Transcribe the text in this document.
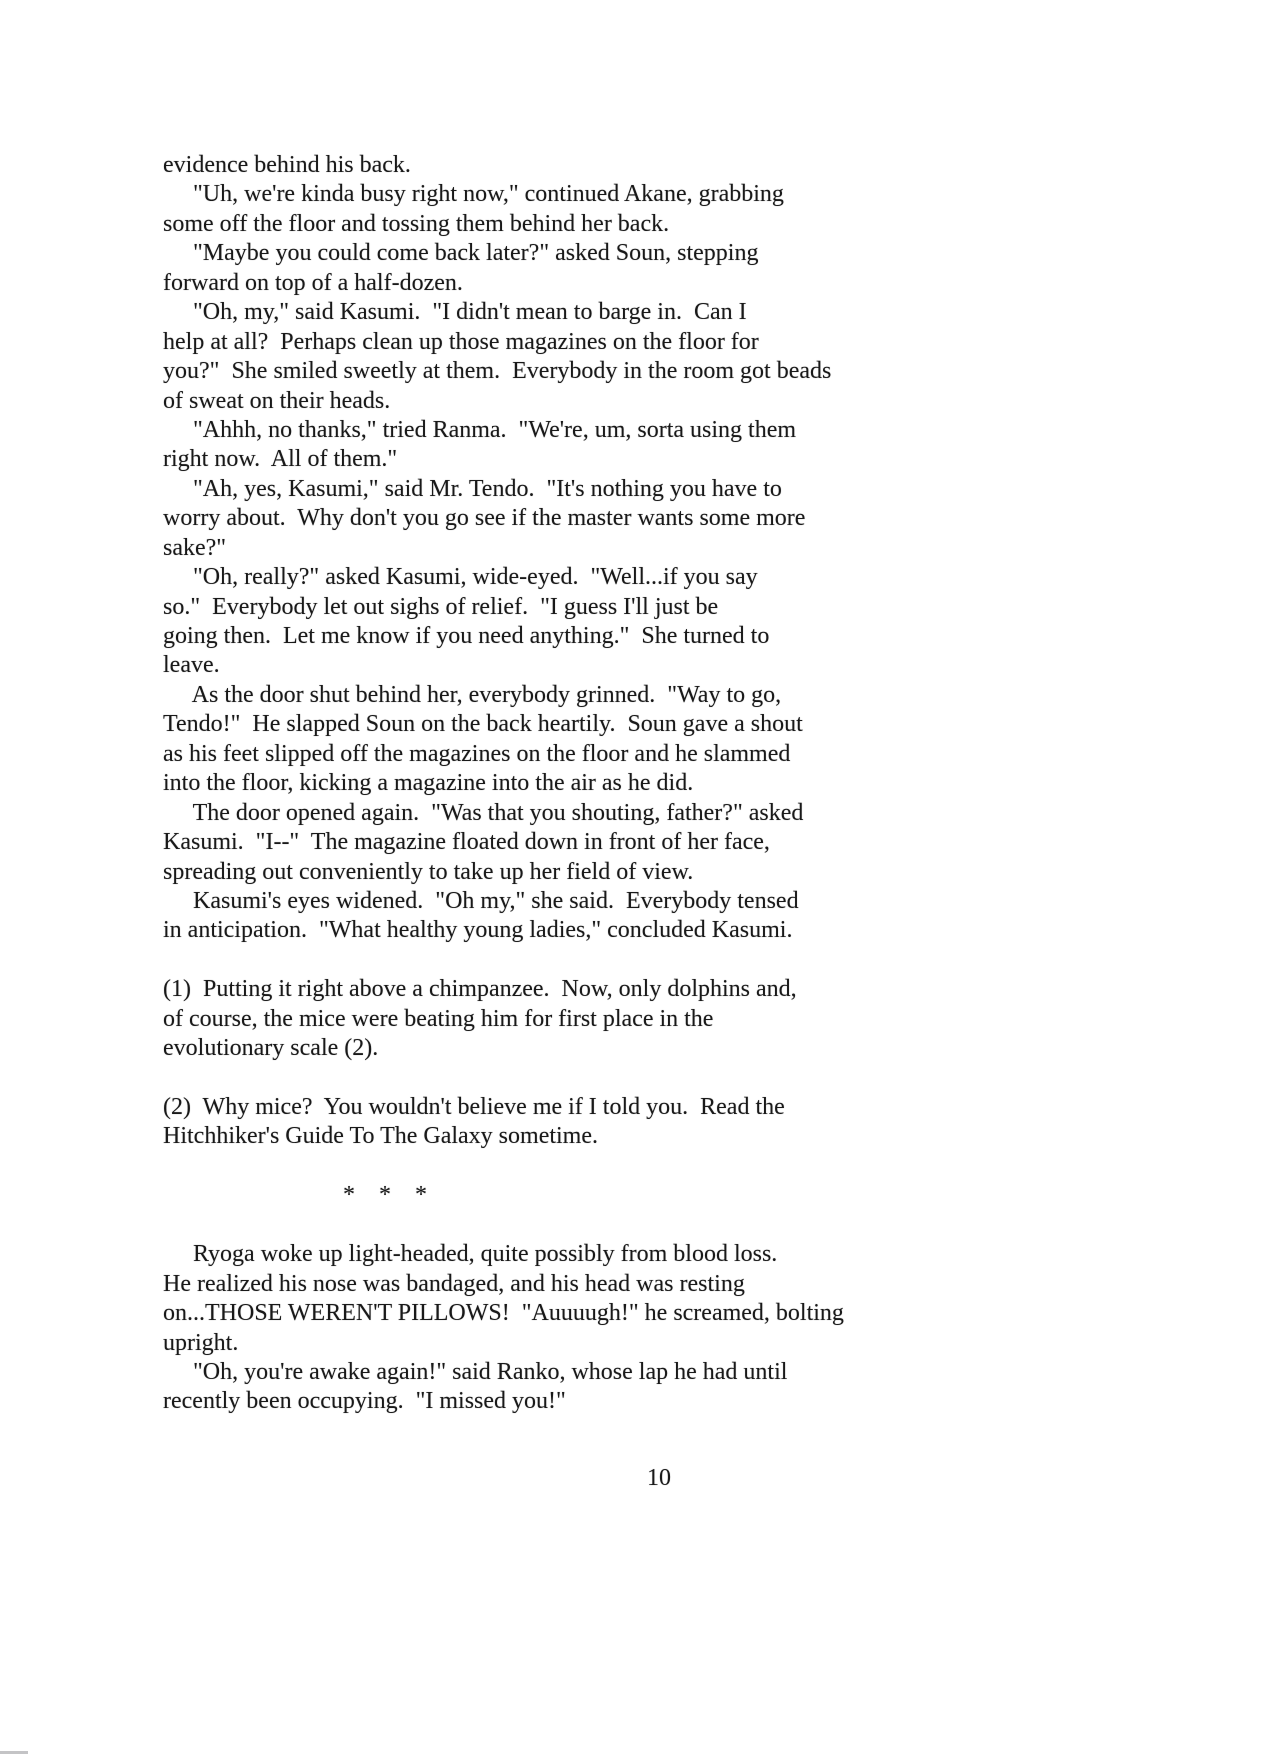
evidence behind his back.
"Uh, we're kinda busy right now," continued Akane, grabbing
some off the floor and tossing them behind her back.
"Maybe you could come back later?" asked Soun, stepping
forward on top of a half-dozen.
"Oh, my," said Kasumi.  "I didn't mean to barge in.  Can I
help at all?  Perhaps clean up those magazines on the floor for
you?"  She smiled sweetly at them.  Everybody in the room got beads
of sweat on their heads.
"Ahhh, no thanks," tried Ranma.  "We're, um, sorta using them
right now.  All of them."
"Ah, yes, Kasumi," said Mr. Tendo.  "It's nothing you have to
worry about.  Why don't you go see if the master wants some more
sake?"
"Oh, really?" asked Kasumi, wide-eyed.  "Well...if you say
so."  Everybody let out sighs of relief.  "I guess I'll just be
going then.  Let me know if you need anything."  She turned to
leave.
As the door shut behind her, everybody grinned.  "Way to go,
Tendo!"  He slapped Soun on the back heartily.  Soun gave a shout
as his feet slipped off the magazines on the floor and he slammed
into the floor, kicking a magazine into the air as he did.
The door opened again.  "Was that you shouting, father?" asked
Kasumi.  "I--"  The magazine floated down in front of her face,
spreading out conveniently to take up her field of view.
Kasumi's eyes widened.  "Oh my," she said.  Everybody tensed
in anticipation.  "What healthy young ladies," concluded Kasumi.

(1)  Putting it right above a chimpanzee.  Now, only dolphins and,
of course, the mice were beating him for first place in the
evolutionary scale (2).

(2)  Why mice?  You wouldn't believe me if I told you.  Read the
Hitchhiker's Guide To The Galaxy sometime.

*    *    *

Ryoga woke up light-headed, quite possibly from blood loss.
He realized his nose was bandaged, and his head was resting
on...THOSE WEREN'T PILLOWS!  "Auuuugh!" he screamed, bolting
upright.
"Oh, you're awake again!" said Ranko, whose lap he had until
recently been occupying.  "I missed you!"
10
